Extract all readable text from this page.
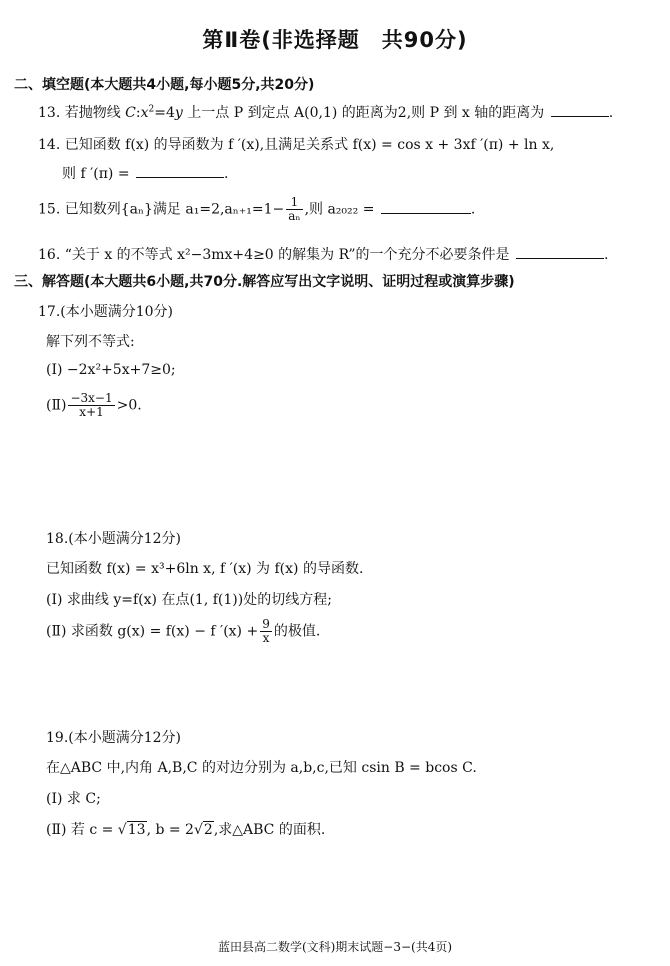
第Ⅱ卷(非选择题　共90分)
二、填空题(本大题共4小题,每小题5分,共20分)
13. 若抛物线 $C:x^2=4y$ 上一点 P 到定点 A(0,1) 的距离为2,则 P 到 x 轴的距离为	.
14. 已知函数 f(x) 的导函数为 f ′(x),且满足关系式 f(x) = cos x + 3xf ′(π) + ln x,
则 f ′(π) =	.
15. 已知数列{aₙ}满足 $a_1=2,a_{n+1}=1- \frac{1}{\text{aₙ}}$ ,则 a₂₀₂₂ =	.
16. “关于 x 的不等式 x²−3mx+4≥0 的解集为 R”的一个充分不必要条件是	.
三、解答题(本大题共6小题,共70分.解答应写出文字说明、证明过程或演算步骤)
17.(本小题满分10分)
解下列不等式:
(Ⅰ) −2x²+5x+7≥0;
(Ⅱ) $\frac{-3x-1}{x+1} >0$.
18.(本小题满分12分)
已知函数 f(x) = x³+6ln x, f ′(x) 为 f(x) 的导函数.
(Ⅰ) 求曲线 y=f(x) 在点(1, f(1))处的切线方程;
(Ⅱ) 求函数 g(x) = f(x) − f $'(x) + \frac{9}{x}$ 的极值.
19.(本小题满分12分)
在△ABC 中,内角 A,B,C 的对边分别为 a,b,c,已知 csin B = bcos C.
(Ⅰ) 求 C;
(Ⅱ) 若 c = √13, b = 2√2,求△ABC 的面积.
蓝田县高二数学(文科)期末试题−3−(共4页)
